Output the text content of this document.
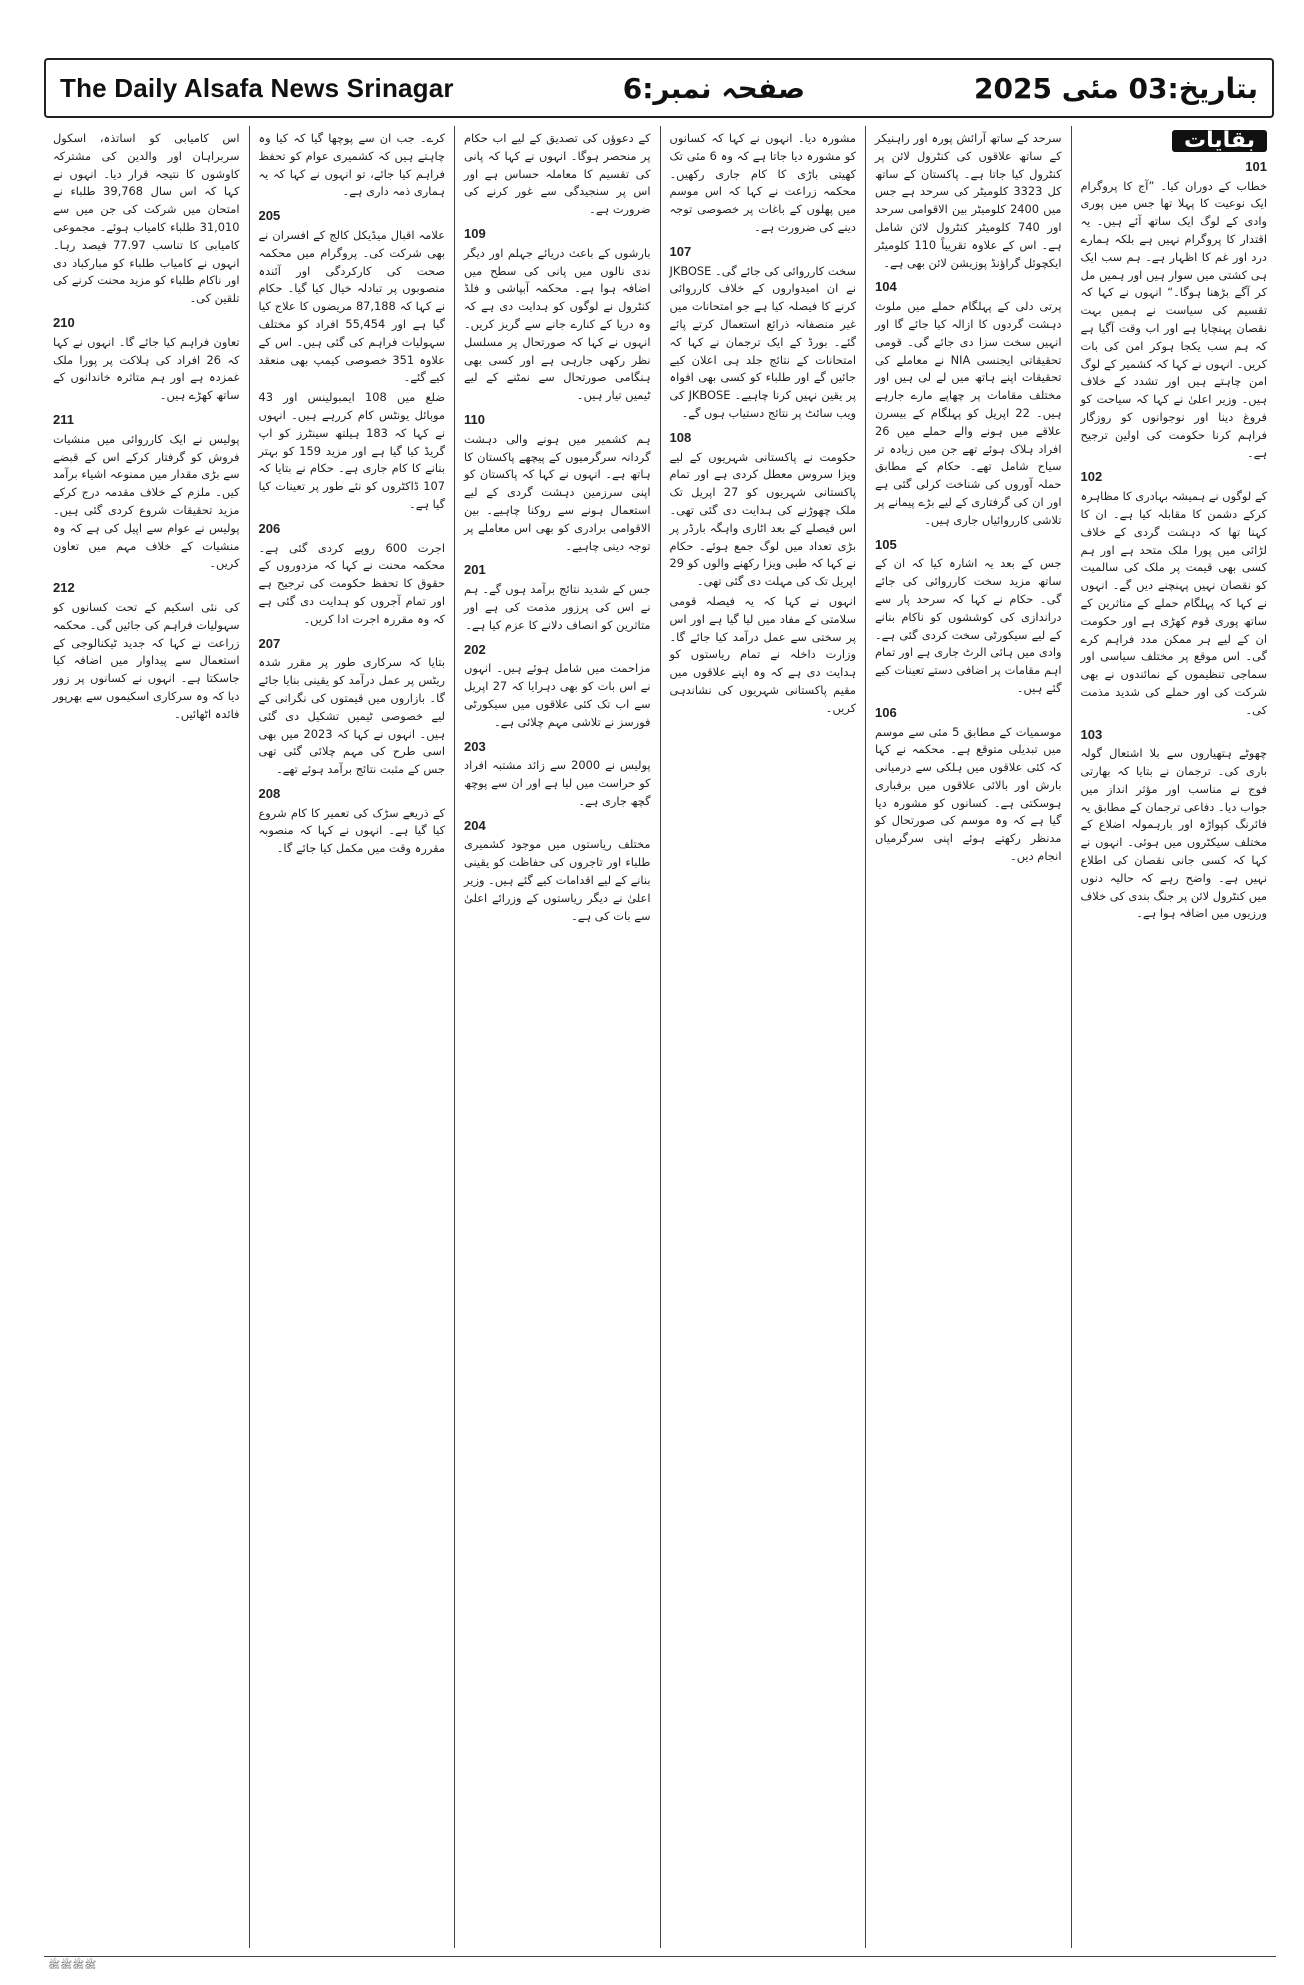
The Daily Alsafa News Srinagar	صفحہ نمبر:6	بتاریخ:03 مئی 2025
بقایات
101

خطاب کے دوران کیا۔ ”آج کا پروگرام ایک نوعیت کا پہلا تھا جس میں پوری وادی کے لوگ ایک ساتھ آئے ہیں۔ یہ اقتدار کا پروگرام نہیں ہے بلکہ ہمارے درد اور غم کا اظہار ہے۔ ہم سب ایک ہی کشتی میں سوار ہیں اور ہمیں مل کر آگے بڑھنا ہوگا۔“ انہوں نے کہا کہ تقسیم کی سیاست نے ہمیں بہت نقصان پہنچایا ہے اور اب وقت آگیا ہے کہ ہم سب یکجا ہوکر امن کی بات کریں۔ انہوں نے کہا کہ کشمیر کے لوگ امن چاہتے ہیں اور تشدد کے خلاف ہیں۔ وزیر اعلیٰ نے کہا کہ سیاحت کو فروغ دینا اور نوجوانوں کو روزگار فراہم کرنا حکومت کی اولین ترجیح ہے۔

102

کے لوگوں نے ہمیشہ بہادری کا مظاہرہ کرکے دشمن کا مقابلہ کیا ہے۔ ان کا کہنا تھا کہ دہشت گردی کے خلاف لڑائی میں پورا ملک متحد ہے اور ہم کسی بھی قیمت پر ملک کی سالمیت کو نقصان نہیں پہنچنے دیں گے۔ انہوں نے کہا کہ پہلگام حملے کے متاثرین کے ساتھ پوری قوم کھڑی ہے اور حکومت ان کے لیے ہر ممکن مدد فراہم کرے گی۔ اس موقع پر مختلف سیاسی اور سماجی تنظیموں کے نمائندوں نے بھی شرکت کی اور حملے کی شدید مذمت کی۔

103

چھوٹے ہتھیاروں سے بلا اشتعال گولہ باری کی۔ ترجمان نے بتایا کہ بھارتی فوج نے مناسب اور مؤثر انداز میں جواب دیا۔ دفاعی ترجمان کے مطابق یہ فائرنگ کپواڑہ اور بارہمولہ اضلاع کے مختلف سیکٹروں میں ہوئی۔ انہوں نے کہا کہ کسی جانی نقصان کی اطلاع نہیں ہے۔ واضح رہے کہ حالیہ دنوں میں کنٹرول لائن پر جنگ بندی کی خلاف ورزیوں میں اضافہ ہوا ہے۔

سرحد کے ساتھ آرائش پورہ اور راہنیکر کے ساتھ علاقوں کی کنٹرول لائن پر کنٹرول کیا جاتا ہے۔ پاکستان کے ساتھ کل 3323 کلومیٹر کی سرحد ہے جس میں 2400 کلومیٹر بین الاقوامی سرحد اور 740 کلومیٹر کنٹرول لائن شامل ہے۔ اس کے علاوہ تقریباً 110 کلومیٹر ایکچوئل گراؤنڈ پوزیشن لائن بھی ہے۔

104

پرتی دلی کے پہلگام حملے میں ملوث دہشت گردوں کا ازالہ کیا جائے گا اور انہیں سخت سزا دی جائے گی۔ قومی تحقیقاتی ایجنسی NIA نے معاملے کی تحقیقات اپنے ہاتھ میں لے لی ہیں اور مختلف مقامات پر چھاپے مارے جارہے ہیں۔ 22 اپریل کو پہلگام کے بیسرن علاقے میں ہونے والے حملے میں 26 افراد ہلاک ہوئے تھے جن میں زیادہ تر سیاح شامل تھے۔ حکام کے مطابق حملہ آوروں کی شناخت کرلی گئی ہے اور ان کی گرفتاری کے لیے بڑے پیمانے پر تلاشی کارروائیاں جاری ہیں۔

105

جس کے بعد یہ اشارہ کیا کہ ان کے ساتھ مزید سخت کارروائی کی جائے گی۔ حکام نے کہا کہ سرحد پار سے دراندازی کی کوششوں کو ناکام بنانے کے لیے سیکورٹی سخت کردی گئی ہے۔ وادی میں ہائی الرٹ جاری ہے اور تمام اہم مقامات پر اضافی دستے تعینات کیے گئے ہیں۔

106

موسمیات کے مطابق 5 مئی سے موسم میں تبدیلی متوقع ہے۔ محکمہ نے کہا کہ کئی علاقوں میں ہلکی سے درمیانی بارش اور بالائی علاقوں میں برفباری ہوسکتی ہے۔ کسانوں کو مشورہ دیا گیا ہے کہ وہ موسم کی صورتحال کو مدنظر رکھتے ہوئے اپنی سرگرمیاں انجام دیں۔

مشورہ دیا۔ انہوں نے کہا کہ کسانوں کو مشورہ دیا جاتا ہے کہ وہ 6 مئی تک کھیتی باڑی کا کام جاری رکھیں۔ محکمہ زراعت نے کہا کہ اس موسم میں پھلوں کے باغات پر خصوصی توجہ دینے کی ضرورت ہے۔

107

سخت کارروائی کی جائے گی۔ JKBOSE نے ان امیدواروں کے خلاف کارروائی کرنے کا فیصلہ کیا ہے جو امتحانات میں غیر منصفانہ ذرائع استعمال کرتے پائے گئے۔ بورڈ کے ایک ترجمان نے کہا کہ امتحانات کے نتائج جلد ہی اعلان کیے جائیں گے اور طلباء کو کسی بھی افواہ پر یقین نہیں کرنا چاہیے۔ JKBOSE کی ویب سائٹ پر نتائج دستیاب ہوں گے۔

108

حکومت نے پاکستانی شہریوں کے لیے ویزا سروس معطل کردی ہے اور تمام پاکستانی شہریوں کو 27 اپریل تک ملک چھوڑنے کی ہدایت دی گئی تھی۔ اس فیصلے کے بعد اٹاری واہگہ بارڈر پر بڑی تعداد میں لوگ جمع ہوئے۔ حکام نے کہا کہ طبی ویزا رکھنے والوں کو 29 اپریل تک کی مہلت دی گئی تھی۔

انہوں نے کہا کہ یہ فیصلہ قومی سلامتی کے مفاد میں لیا گیا ہے اور اس پر سختی سے عمل درآمد کیا جائے گا۔ وزارت داخلہ نے تمام ریاستوں کو ہدایت دی ہے کہ وہ اپنے علاقوں میں مقیم پاکستانی شہریوں کی نشاندہی کریں۔

کے دعوؤں کی تصدیق کے لیے اب حکام پر منحصر ہوگا۔ انہوں نے کہا کہ پانی کی تقسیم کا معاملہ حساس ہے اور اس پر سنجیدگی سے غور کرنے کی ضرورت ہے۔

109

بارشوں کے باعث دریائے جہلم اور دیگر ندی نالوں میں پانی کی سطح میں اضافہ ہوا ہے۔ محکمہ آبپاشی و فلڈ کنٹرول نے لوگوں کو ہدایت دی ہے کہ وہ دریا کے کنارے جانے سے گریز کریں۔ انہوں نے کہا کہ صورتحال پر مسلسل نظر رکھی جارہی ہے اور کسی بھی ہنگامی صورتحال سے نمٹنے کے لیے ٹیمیں تیار ہیں۔

110

ہم کشمیر میں ہونے والی دہشت گردانہ سرگرمیوں کے پیچھے پاکستان کا ہاتھ ہے۔ انہوں نے کہا کہ پاکستان کو اپنی سرزمین دہشت گردی کے لیے استعمال ہونے سے روکنا چاہیے۔ بین الاقوامی برادری کو بھی اس معاملے پر توجہ دینی چاہیے۔

201

جس کے شدید نتائج برآمد ہوں گے۔ ہم نے اس کی پرزور مذمت کی ہے اور متاثرین کو انصاف دلانے کا عزم کیا ہے۔

202

مزاحمت میں شامل ہوئے ہیں۔ انہوں نے اس بات کو بھی دہرایا کہ 27 اپریل سے اب تک کئی علاقوں میں سیکورٹی فورسز نے تلاشی مہم چلائی ہے۔

203

پولیس نے 2000 سے زائد مشتبہ افراد کو حراست میں لیا ہے اور ان سے پوچھ گچھ جاری ہے۔

204

مختلف ریاستوں میں موجود کشمیری طلباء اور تاجروں کی حفاظت کو یقینی بنانے کے لیے اقدامات کیے گئے ہیں۔ وزیر اعلیٰ نے دیگر ریاستوں کے وزرائے اعلیٰ سے بات کی ہے۔

کرے۔ جب ان سے پوچھا گیا کہ کیا وہ چاہتے ہیں کہ کشمیری عوام کو تحفظ فراہم کیا جائے، تو انہوں نے کہا کہ یہ ہماری ذمہ داری ہے۔

205

علامہ اقبال میڈیکل کالج کے افسران نے بھی شرکت کی۔ پروگرام میں محکمہ صحت کی کارکردگی اور آئندہ منصوبوں پر تبادلہ خیال کیا گیا۔ حکام نے کہا کہ 87,188 مریضوں کا علاج کیا گیا ہے اور 55,454 افراد کو مختلف سہولیات فراہم کی گئی ہیں۔ اس کے علاوہ 351 خصوصی کیمپ بھی منعقد کیے گئے۔

ضلع میں 108 ایمبولینس اور 43 موبائل یونٹس کام کررہے ہیں۔ انہوں نے کہا کہ 183 ہیلتھ سینٹرز کو اپ گریڈ کیا گیا ہے اور مزید 159 کو بہتر بنانے کا کام جاری ہے۔ حکام نے بتایا کہ 107 ڈاکٹروں کو نئے طور پر تعینات کیا گیا ہے۔

206

اجرت 600 روپے کردی گئی ہے۔ محکمہ محنت نے کہا کہ مزدوروں کے حقوق کا تحفظ حکومت کی ترجیح ہے اور تمام آجروں کو ہدایت دی گئی ہے کہ وہ مقررہ اجرت ادا کریں۔

207

بتایا کہ سرکاری طور پر مقرر شدہ ریٹس پر عمل درآمد کو یقینی بنایا جائے گا۔ بازاروں میں قیمتوں کی نگرانی کے لیے خصوصی ٹیمیں تشکیل دی گئی ہیں۔ انہوں نے کہا کہ 2023 میں بھی اسی طرح کی مہم چلائی گئی تھی جس کے مثبت نتائج برآمد ہوئے تھے۔

208

کے ذریعے سڑک کی تعمیر کا کام شروع کیا گیا ہے۔ انہوں نے کہا کہ منصوبہ مقررہ وقت میں مکمل کیا جائے گا۔

اس کامیابی کو اساتذہ، اسکول سربراہان اور والدین کی مشترکہ کاوشوں کا نتیجہ قرار دیا۔ انہوں نے کہا کہ اس سال 39,768 طلباء نے امتحان میں شرکت کی جن میں سے 31,010 طلباء کامیاب ہوئے۔ مجموعی کامیابی کا تناسب 77.97 فیصد رہا۔ انہوں نے کامیاب طلباء کو مبارکباد دی اور ناکام طلباء کو مزید محنت کرنے کی تلقین کی۔

210

تعاون فراہم کیا جائے گا۔ انہوں نے کہا کہ 26 افراد کی ہلاکت پر پورا ملک غمزدہ ہے اور ہم متاثرہ خاندانوں کے ساتھ کھڑے ہیں۔

211

پولیس نے ایک کارروائی میں منشیات فروش کو گرفتار کرکے اس کے قبضے سے بڑی مقدار میں ممنوعہ اشیاء برآمد کیں۔ ملزم کے خلاف مقدمہ درج کرکے مزید تحقیقات شروع کردی گئی ہیں۔ پولیس نے عوام سے اپیل کی ہے کہ وہ منشیات کے خلاف مہم میں تعاون کریں۔

212

کی نئی اسکیم کے تحت کسانوں کو سہولیات فراہم کی جائیں گی۔ محکمہ زراعت نے کہا کہ جدید ٹیکنالوجی کے استعمال سے پیداوار میں اضافہ کیا جاسکتا ہے۔ انہوں نے کسانوں پر زور دیا کہ وہ سرکاری اسکیموں سے بھرپور فائدہ اٹھائیں۔

ﷺﷺﷺﷺ
